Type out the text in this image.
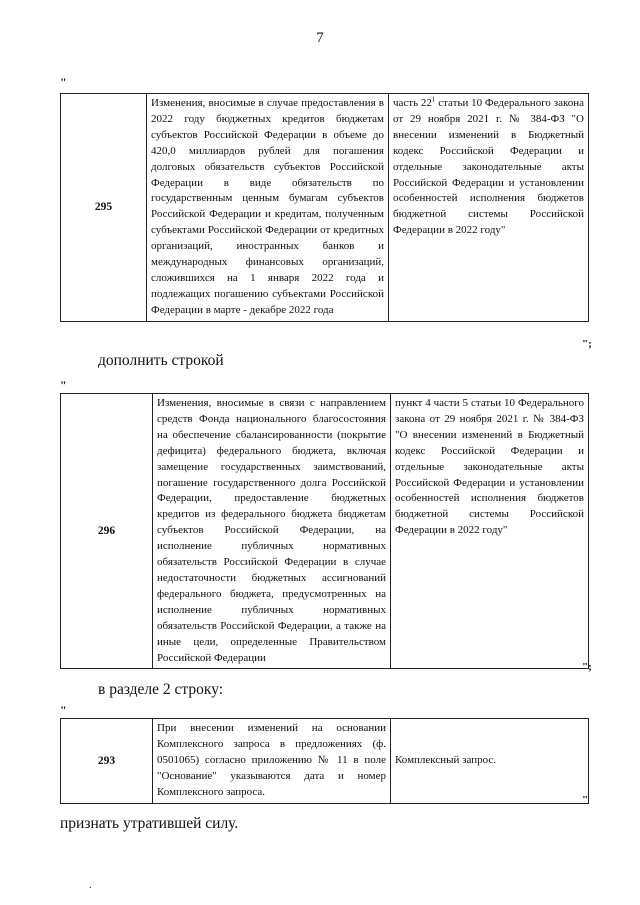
7
"
295	Изменения, вносимые в случае предоставления в 2022 году бюджетных кредитов бюджетам субъектов Российской Федерации в объеме до 420,0 миллиардов рублей для погашения долговых обязательств субъектов Российской Федерации в виде обязательств по государственным ценным бумагам субъектов Российской Федерации и кредитам, полученным субъектами Российской Федерации от кредитных организаций, иностранных банков и международных финансовых организаций, сложившихся на 1 января 2022 года и подлежащих погашению субъектами Российской Федерации в марте - декабре 2022 года	часть $22^1$ статьи 10 Федерального закона от 29 ноября 2021 г. № 384-ФЗ "О внесении изменений в Бюджетный кодекс Российской Федерации и отдельные законодательные акты Российской Федерации и установлении особенностей исполнения бюджетов бюджетной системы Российской Федерации в 2022 году"
";
дополнить строкой
"
296	Изменения, вносимые в связи с направлением средств Фонда национального благосостояния на обеспечение сбалансированности (покрытие дефицита) федерального бюджета, включая замещение государственных заимствований, погашение государственного долга Российской Федерации, предоставление бюджетных кредитов из федерального бюджета бюджетам субъектов Российской Федерации, на исполнение публичных нормативных обязательств Российской Федерации в случае недостаточности бюджетных ассигнований федерального бюджета, предусмотренных на исполнение публичных нормативных обязательств Российской Федерации, а также на иные цели, определенные Правительством Российской Федерации	пункт 4 части 5 статьи 10 Федерального закона от 29 ноября 2021 г. № 384-ФЗ "О внесении изменений в Бюджетный кодекс Российской Федерации и отдельные законодательные акты Российской Федерации и установлении особенностей исполнения бюджетов бюджетной системы Российской Федерации в 2022 году"
";
в разделе 2 строку:
"
293	При внесении изменений на основании Комплексного запроса в предложениях (ф. 0501065) согласно приложению № 11 в поле "Основание" указываются дата и номер Комплексного запроса.	Комплексный запрос.
"
признать утратившей силу.
.
